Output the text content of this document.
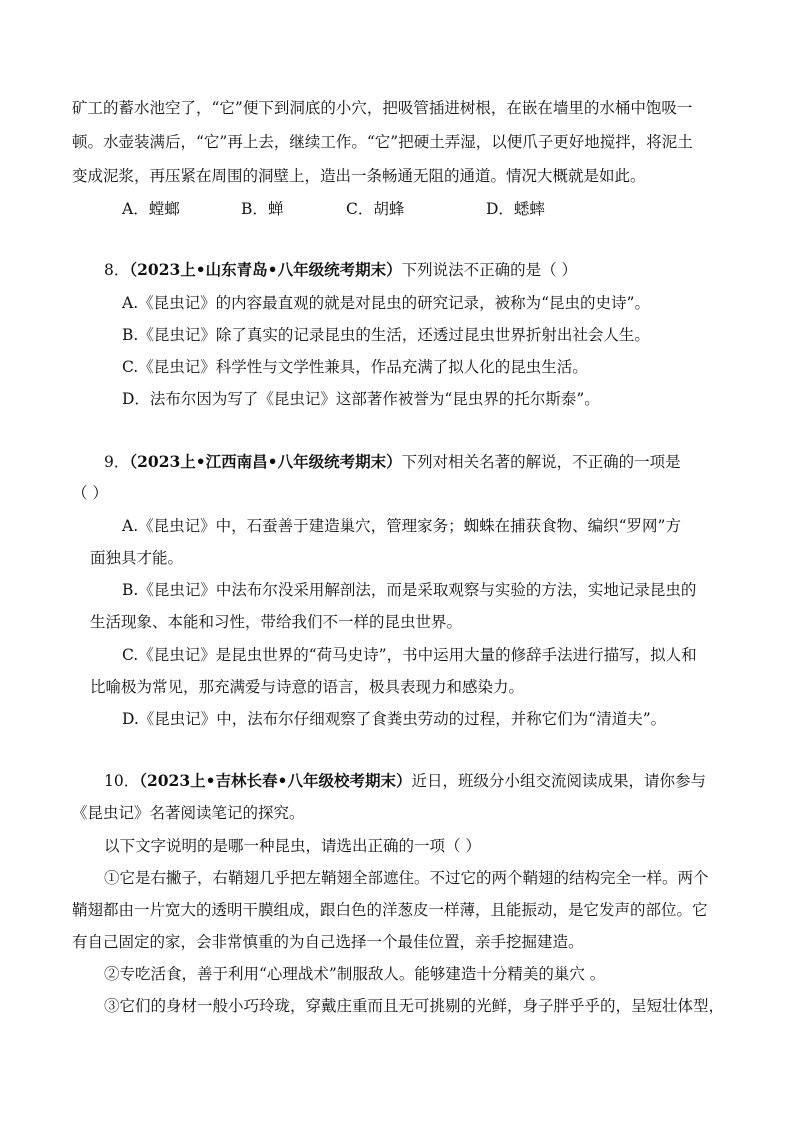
矿工的蓄水池空了，“它”便下到洞底的小穴，把吸管插进树根，在嵌在墙里的水桶中饱吸一
顿。水壶装满后，“它”再上去，继续工作。“它”把硬土弄湿，以便爪子更好地搅拌，将泥土
变成泥浆，再压紧在周围的洞壁上，造出一条畅通无阻的通道。情况大概就是如此。
A．螳螂	B．蝉	C．胡蜂	D．蟋蟀
8．（2023上•山东青岛•八年级统考期末）下列说法不正确的是（ ）
A.《昆虫记》的内容最直观的就是对昆虫的研究记录，被称为“昆虫的史诗”。
B.《昆虫记》除了真实的记录昆虫的生活，还透过昆虫世界折射出社会人生。
C.《昆虫记》科学性与文学性兼具，作品充满了拟人化的昆虫生活。
D．法布尔因为写了《昆虫记》这部著作被誉为“昆虫界的托尔斯泰”。
9．（2023上•江西南昌•八年级统考期末）下列对相关名著的解说，不正确的一项是
（ ）
A.《昆虫记》中，石蚕善于建造巢穴，管理家务；蜘蛛在捕获食物、编织“罗网”方
面独具才能。
B.《昆虫记》中法布尔没采用解剖法，而是采取观察与实验的方法，实地记录昆虫的
生活现象、本能和习性，带给我们不一样的昆虫世界。
C.《昆虫记》是昆虫世界的“荷马史诗”，书中运用大量的修辞手法进行描写，拟人和
比喻极为常见，那充满爱与诗意的语言，极具表现力和感染力。
D.《昆虫记》中，法布尔仔细观察了食粪虫劳动的过程，并称它们为“清道夫”。
10．（2023上•吉林长春•八年级校考期末）近日，班级分小组交流阅读成果，请你参与
《昆虫记》名著阅读笔记的探究。
以下文字说明的是哪一种昆虫，请选出正确的一项（ ）
①它是右撇子，右鞘翅几乎把左鞘翅全部遮住。不过它的两个鞘翅的结构完全一样。两个
鞘翅都由一片宽大的透明干膜组成，跟白色的洋葱皮一样薄，且能振动，是它发声的部位。它
有自己固定的家，会非常慎重的为自己选择一个最佳位置，亲手挖掘建造。
②专吃活食，善于利用“心理战术”制服敌人。能够建造十分精美的巢穴 。
③它们的身材一般小巧玲珑，穿戴庄重而且无可挑剔的光鲜，身子胖乎乎的，呈短壮体型，
